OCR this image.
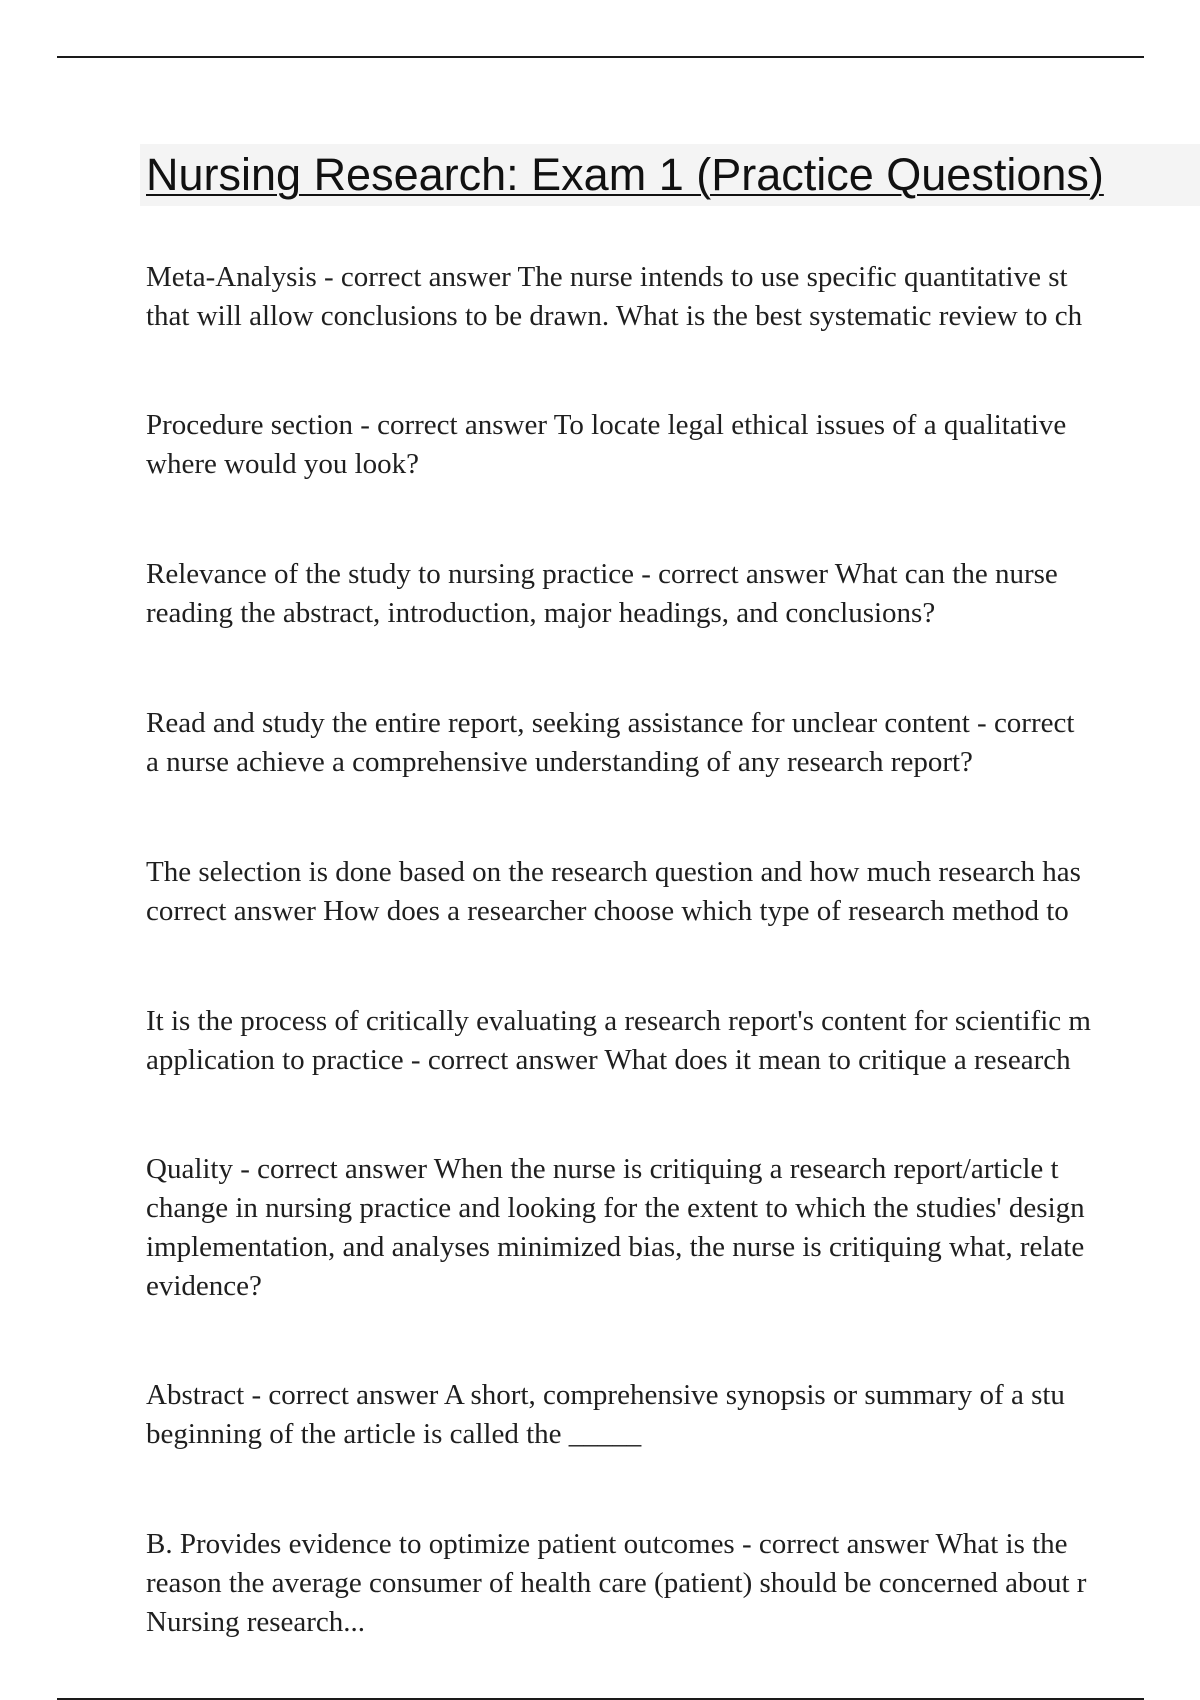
Nursing Research: Exam 1 (Practice Questions)

Meta-Analysis - correct answer The nurse intends to use specific quantitative st
that will allow conclusions to be drawn. What is the best systematic review to ch

Procedure section - correct answer To locate legal ethical issues of a qualitative
where would you look?

Relevance of the study to nursing practice - correct answer What can the nurse
reading the abstract, introduction, major headings, and conclusions?

Read and study the entire report, seeking assistance for unclear content - correct
a nurse achieve a comprehensive understanding of any research report?

The selection is done based on the research question and how much research has
correct answer How does a researcher choose which type of research method to

It is the process of critically evaluating a research report's content for scientific m
application to practice - correct answer What does it mean to critique a research

Quality - correct answer When the nurse is critiquing a research report/article t
change in nursing practice and looking for the extent to which the studies' design
implementation, and analyses minimized bias, the nurse is critiquing what, relate
evidence?

Abstract - correct answer A short, comprehensive synopsis or summary of a stu
beginning of the article is called the _____

B. Provides evidence to optimize patient outcomes - correct answer What is the
reason the average consumer of health care (patient) should be concerned about r
Nursing research...
